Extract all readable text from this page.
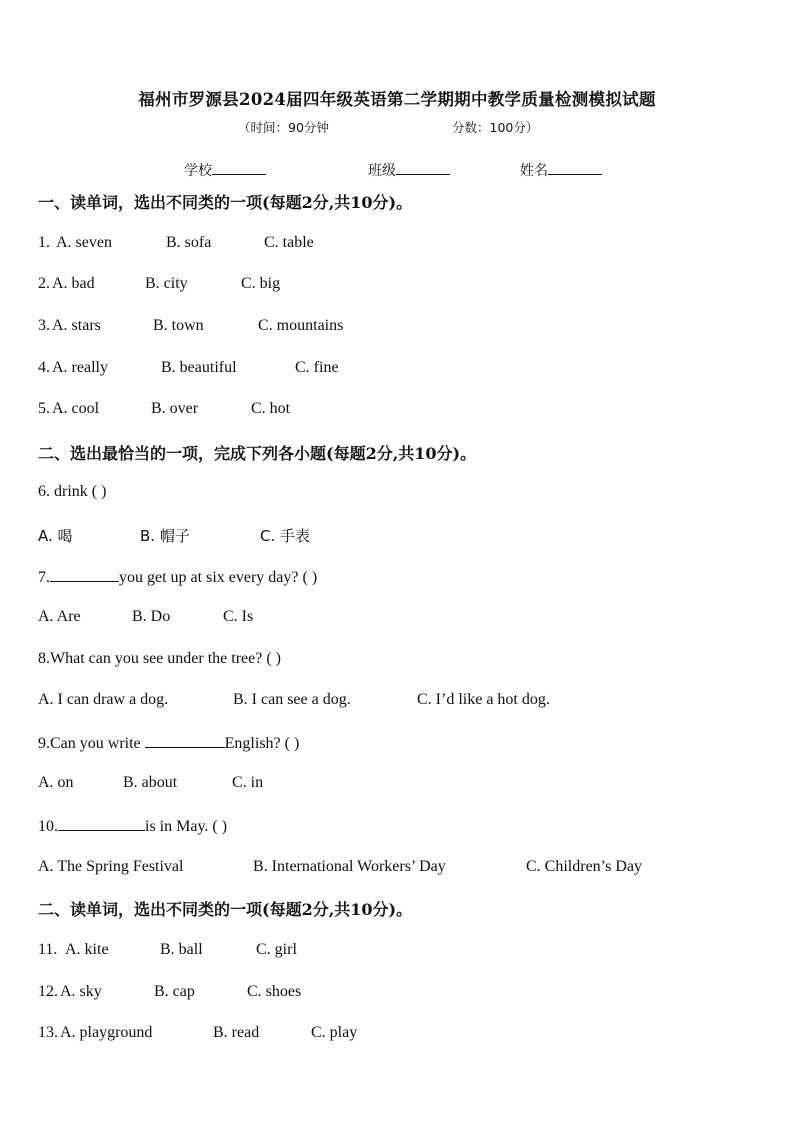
福州市罗源县2024届四年级英语第二学期期中教学质量检测模拟试题
（时间：90分钟	分数：100分）
学校	班级	姓名
一、读单词，选出不同类的一项(每题2分,共10分)。
1. A. seven	B. sofa	C. table
2. A. bad	B. city	C. big
3. A. stars	B. town	C. mountains
4. A. really	B. beautiful	C. fine
5. A. cool	B. over	C. hot
二、选出最恰当的一项，完成下列各小题(每题2分,共10分)。
6. drink ( )
A. 喝	B. 帽子	C. 手表
7.	you get up at six every day? ( )
A. Are	B. Do	C. Is
8.What can you see under the tree? ( )
A. I can draw a dog.	B. I can see a dog.	C. I’d like a hot dog.
9.Can you write	English? ( )
A. on	B. about	C. in
10.	is in May. ( )
A. The Spring Festival	B. International Workers’ Day	C. Children’s Day
二、读单词，选出不同类的一项(每题2分,共10分)。
11. A. kite	B. ball	C. girl
12. A. sky	B. cap	C. shoes
13. A. playground	B. read	C. play
